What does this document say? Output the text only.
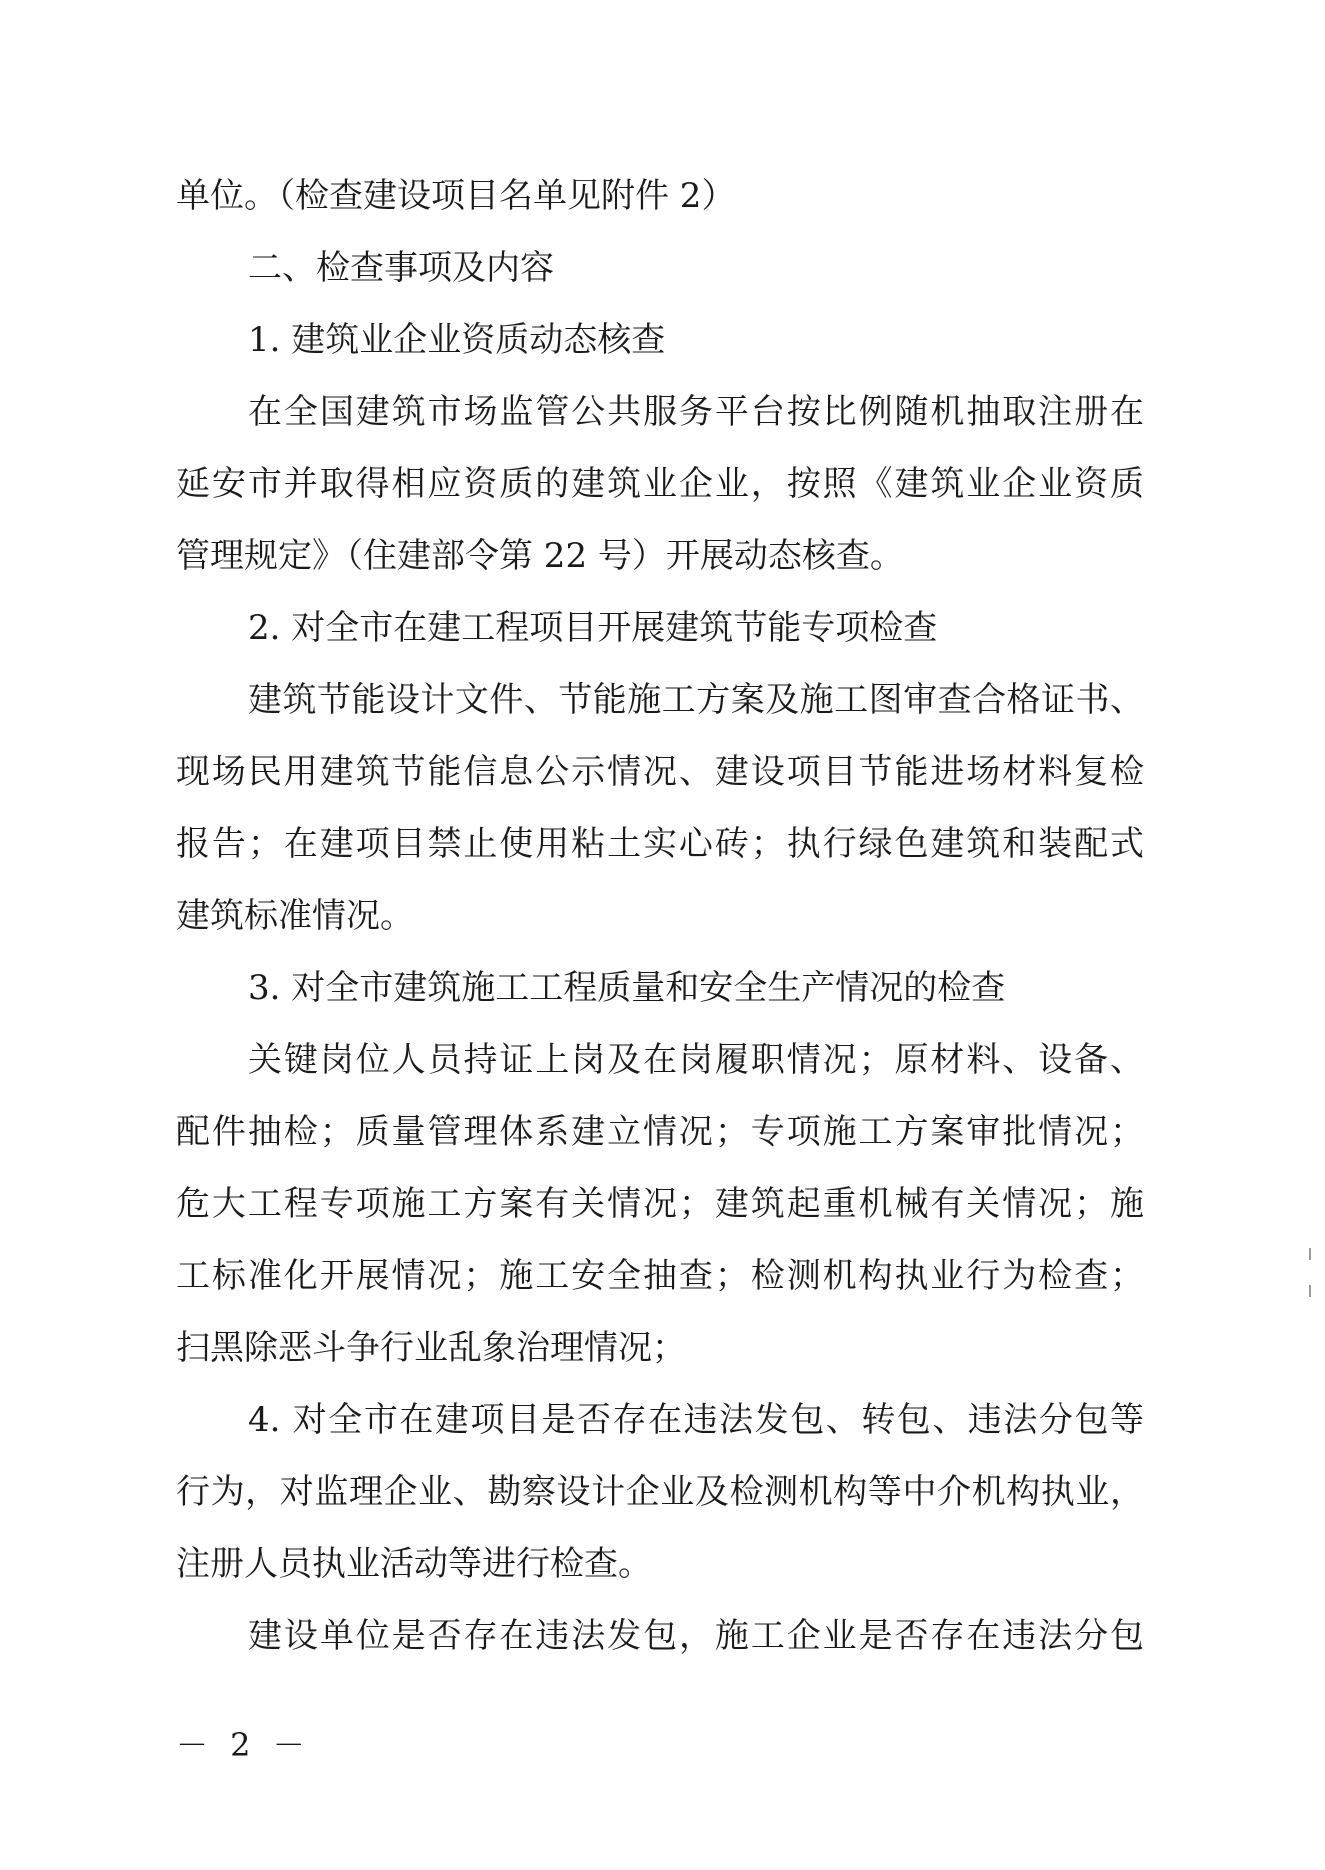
单位。（检查建设项目名单见附件 2）
二、检查事项及内容
1. 建筑业企业资质动态核查
在全国建筑市场监管公共服务平台按比例随机抽取注册在
延安市并取得相应资质的建筑业企业，按照《建筑业企业资质
管理规定》（住建部令第 22 号）开展动态核查。
2. 对全市在建工程项目开展建筑节能专项检查
建筑节能设计文件、节能施工方案及施工图审查合格证书、
现场民用建筑节能信息公示情况、建设项目节能进场材料复检
报告；在建项目禁止使用粘土实心砖；执行绿色建筑和装配式
建筑标准情况。
3. 对全市建筑施工工程质量和安全生产情况的检查
关键岗位人员持证上岗及在岗履职情况；原材料、设备、
配件抽检；质量管理体系建立情况；专项施工方案审批情况；
危大工程专项施工方案有关情况；建筑起重机械有关情况；施
工标准化开展情况；施工安全抽查；检测机构执业行为检查；
扫黑除恶斗争行业乱象治理情况；
4. 对全市在建项目是否存在违法发包、转包、违法分包等
行为，对监理企业、勘察设计企业及检测机构等中介机构执业，
注册人员执业活动等进行检查。
建设单位是否存在违法发包，施工企业是否存在违法分包
－ 2 －
